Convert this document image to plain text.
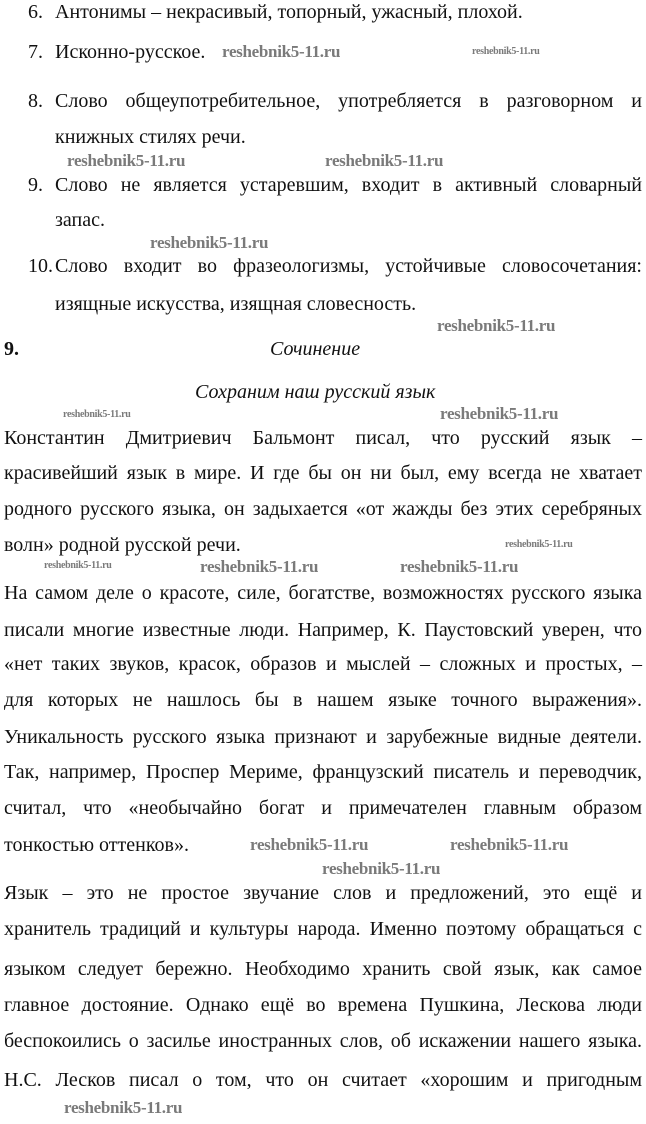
6. Антонимы – некрасивый, топорный, ужасный, плохой.
7. Исконно-русское.
8. Слово общеупотребительное, употребляется в разговорном и
книжных стилях речи.
9. Слово не является устаревшим, входит в активный словарный
запас.
10. Слово входит во фразеологизмы, устойчивые словосочетания:
изящные искусства, изящная словесность.
9.	Сочинение
Сохраним наш русский язык
Константин Дмитриевич Бальмонт писал, что русский язык –
красивейший язык в мире. И где бы он ни был, ему всегда не хватает
родного русского языка, он задыхается «от жажды без этих серебряных
волн» родной русской речи.
На самом деле о красоте, силе, богатстве, возможностях русского языка
писали многие известные люди. Например, К. Паустовский уверен, что
«нет таких звуков, красок, образов и мыслей – сложных и простых, –
для которых не нашлось бы в нашем языке точного выражения».
Уникальность русского языка признают и зарубежные видные деятели.
Так, например, Проспер Мериме, французский писатель и переводчик,
считал, что «необычайно богат и примечателен главным образом
тонкостью оттенков».
Язык – это не простое звучание слов и предложений, это ещё и
хранитель традиций и культуры народа. Именно поэтому обращаться с
языком следует бережно. Необходимо хранить свой язык, как самое
главное достояние. Однако ещё во времена Пушкина, Лескова люди
беспокоились о засилье иностранных слов, об искажении нашего языка.
Н.С. Лесков писал о том, что он считает «хорошим и пригодным
reshebnik5-11.ru	reshebnik5-11.ru
reshebnik5-11.ru	reshebnik5-11.ru
reshebnik5-11.ru
reshebnik5-11.ru
reshebnik5-11.ru	reshebnik5-11.ru
reshebnik5-11.ru	reshebnik5-11.ru
reshebnik5-11.ru
reshebnik5-11.ru
reshebnik5-11.ru	reshebnik5-11.ru
reshebnik5-11.ru
reshebnik5-11.ru
